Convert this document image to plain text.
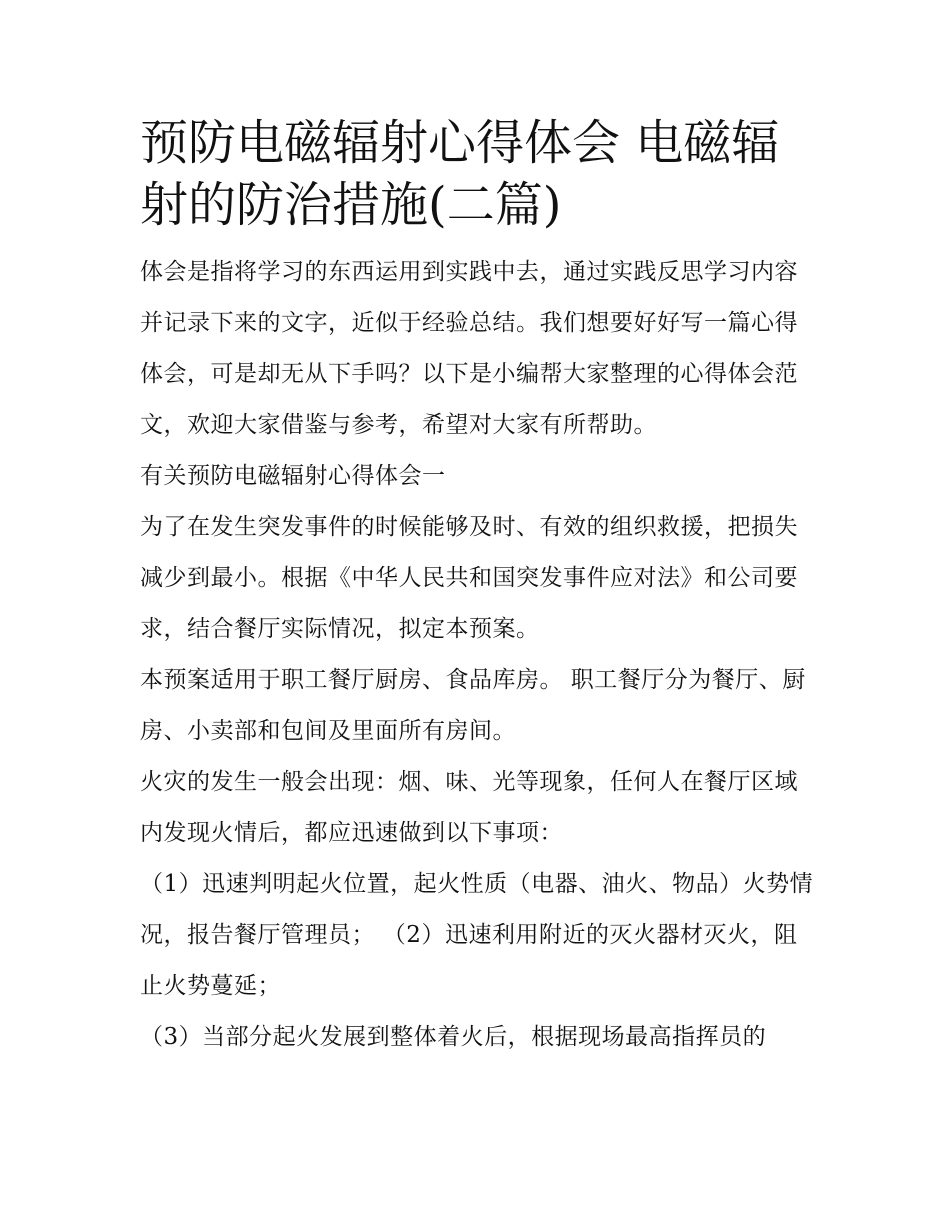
预防电磁辐射心得体会 电磁辐射的防治措施(二篇)

体会是指将学习的东西运用到实践中去，通过实践反思学习内容并记录下来的文字，近似于经验总结。我们想要好好写一篇心得体会，可是却无从下手吗？以下是小编帮大家整理的心得体会范文，欢迎大家借鉴与参考，希望对大家有所帮助。

有关预防电磁辐射心得体会一

为了在发生突发事件的时候能够及时、有效的组织救援，把损失减少到最小。根据《中华人民共和国突发事件应对法》和公司要求，结合餐厅实际情况，拟定本预案。

本预案适用于职工餐厅厨房、食品库房。 职工餐厅分为餐厅、厨房、小卖部和包间及里面所有房间。

火灾的发生一般会出现：烟、味、光等现象，任何人在餐厅区域内发现火情后，都应迅速做到以下事项：

（1）迅速判明起火位置，起火性质（电器、油火、物品）火势情况，报告餐厅管理员； （2）迅速利用附近的灭火器材灭火，阻止火势蔓延；

（3）当部分起火发展到整体着火后，根据现场最高指挥员的
